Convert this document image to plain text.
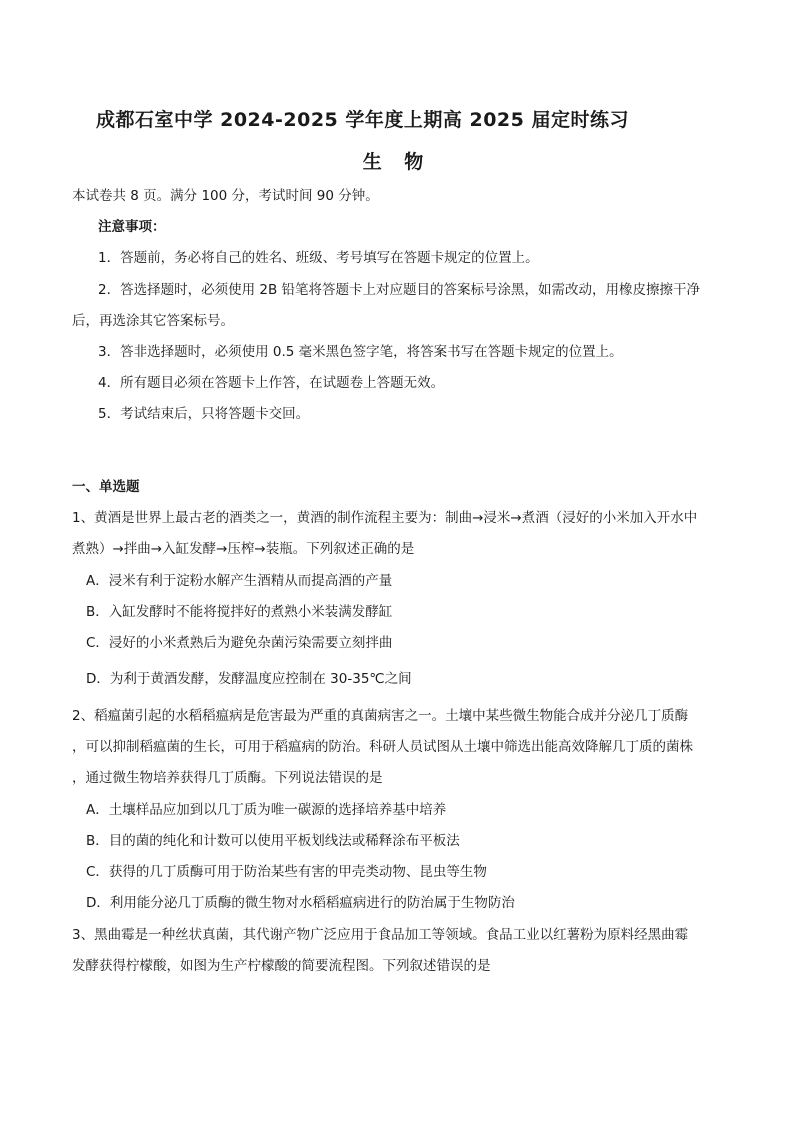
成都石室中学 2024-2025 学年度上期高 2025 届定时练习
生 物
本试卷共 8 页。满分 100 分，考试时间 90 分钟。
注意事项：
1．答题前，务必将自己的姓名、班级、考号填写在答题卡规定的位置上。
2．答选择题时，必须使用 2B 铅笔将答题卡上对应题目的答案标号涂黑，如需改动，用橡皮擦擦干净
后，再选涂其它答案标号。
3．答非选择题时，必须使用 0.5 毫米黑色签字笔，将答案书写在答题卡规定的位置上。
4．所有题目必须在答题卡上作答，在试题卷上答题无效。
5．考试结束后，只将答题卡交回。
一、单选题
1、黄酒是世界上最古老的酒类之一，黄酒的制作流程主要为：制曲→浸米→煮酒（浸好的小米加入开水中
煮熟）→拌曲→入缸发酵→压榨→装瓶。下列叙述正确的是
A．浸米有利于淀粉水解产生酒精从而提高酒的产量
B．入缸发酵时不能将搅拌好的煮熟小米装满发酵缸
C．浸好的小米煮熟后为避免杂菌污染需要立刻拌曲
D．为利于黄酒发酵，发酵温度应控制在 30-35℃之间
2、稻瘟菌引起的水稻稻瘟病是危害最为严重的真菌病害之一。土壤中某些微生物能合成并分泌几丁质酶
，可以抑制稻瘟菌的生长，可用于稻瘟病的防治。科研人员试图从土壤中筛选出能高效降解几丁质的菌株
，通过微生物培养获得几丁质酶。下列说法错误的是
A．土壤样品应加到以几丁质为唯一碳源的选择培养基中培养
B．目的菌的纯化和计数可以使用平板划线法或稀释涂布平板法
C．获得的几丁质酶可用于防治某些有害的甲壳类动物、昆虫等生物
D．利用能分泌几丁质酶的微生物对水稻稻瘟病进行的防治属于生物防治
3、黑曲霉是一种丝状真菌，其代谢产物广泛应用于食品加工等领域。食品工业以红薯粉为原料经黑曲霉
发酵获得柠檬酸，如图为生产柠檬酸的简要流程图。下列叙述错误的是
